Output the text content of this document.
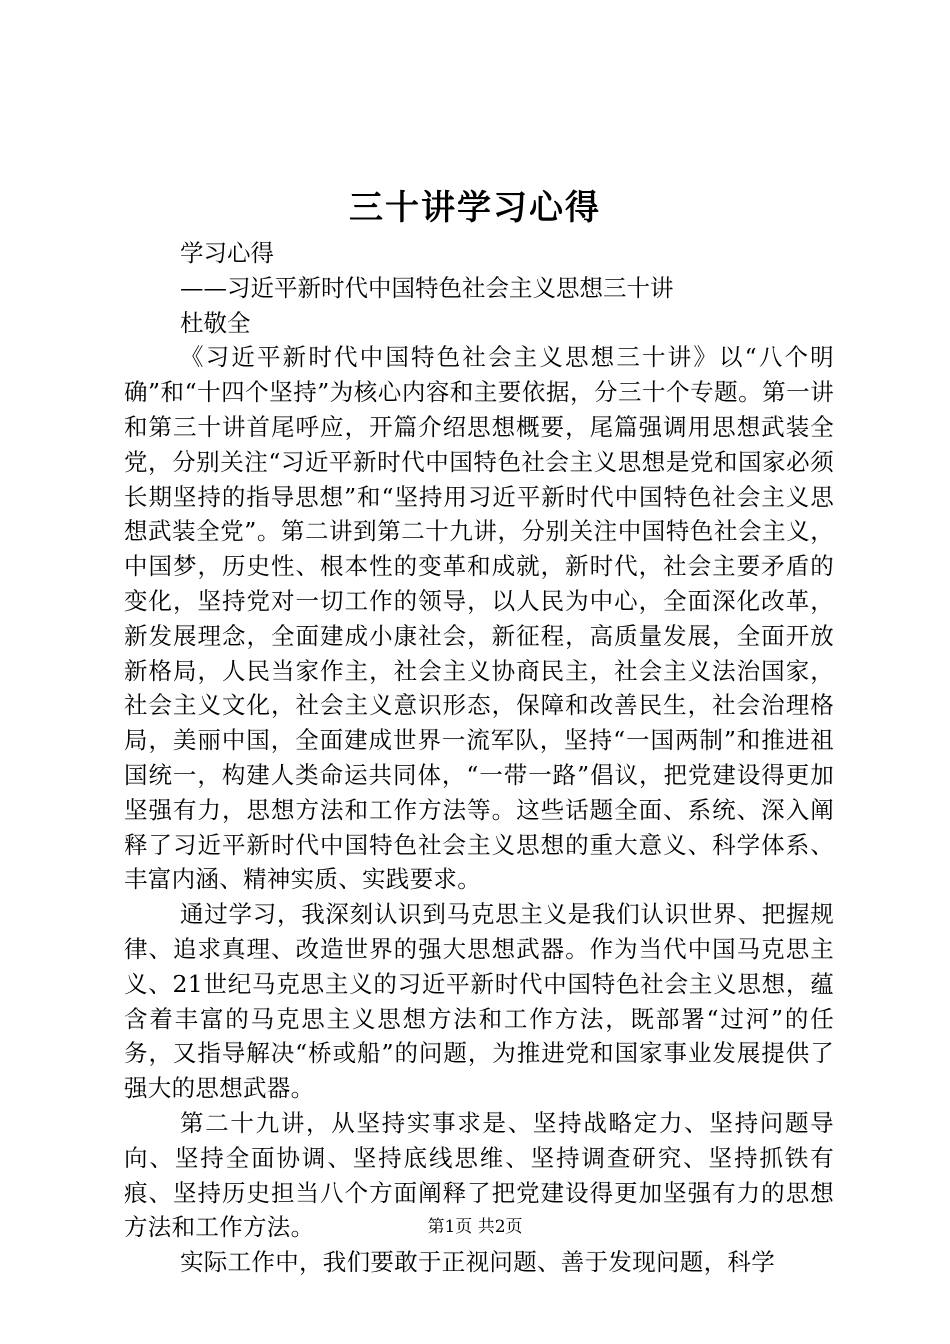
三十讲学习心得
学习心得
——习近平新时代中国特色社会主义思想三十讲
杜敬全

《习近平新时代中国特色社会主义思想三十讲》以“八个明确”和“十四个坚持”为核心内容和主要依据，分三十个专题。第一讲和第三十讲首尾呼应，开篇介绍思想概要，尾篇强调用思想武装全党，分别关注“习近平新时代中国特色社会主义思想是党和国家必须长期坚持的指导思想”和“坚持用习近平新时代中国特色社会主义思想武装全党”。第二讲到第二十九讲，分别关注中国特色社会主义，中国梦，历史性、根本性的变革和成就，新时代，社会主要矛盾的变化，坚持党对一切工作的领导，以人民为中心，全面深化改革，新发展理念，全面建成小康社会，新征程，高质量发展，全面开放新格局，人民当家作主，社会主义协商民主，社会主义法治国家，社会主义文化，社会主义意识形态，保障和改善民生，社会治理格局，美丽中国，全面建成世界一流军队，坚持“一国两制”和推进祖国统一，构建人类命运共同体，“一带一路”倡议，把党建设得更加坚强有力，思想方法和工作方法等。这些话题全面、系统、深入阐释了习近平新时代中国特色社会主义思想的重大意义、科学体系、丰富内涵、精神实质、实践要求。

通过学习，我深刻认识到马克思主义是我们认识世界、把握规律、追求真理、改造世界的强大思想武器。作为当代中国马克思主义、21世纪马克思主义的习近平新时代中国特色社会主义思想，蕴含着丰富的马克思主义思想方法和工作方法，既部署“过河”的任务，又指导解决“桥或船”的问题，为推进党和国家事业发展提供了强大的思想武器。

第二十九讲，从坚持实事求是、坚持战略定力、坚持问题导向、坚持全面协调、坚持底线思维、坚持调查研究、坚持抓铁有痕、坚持历史担当八个方面阐释了把党建设得更加坚强有力的思想方法和工作方法。

实际工作中，我们要敢于正视问题、善于发现问题，科学

第1页 共2页
